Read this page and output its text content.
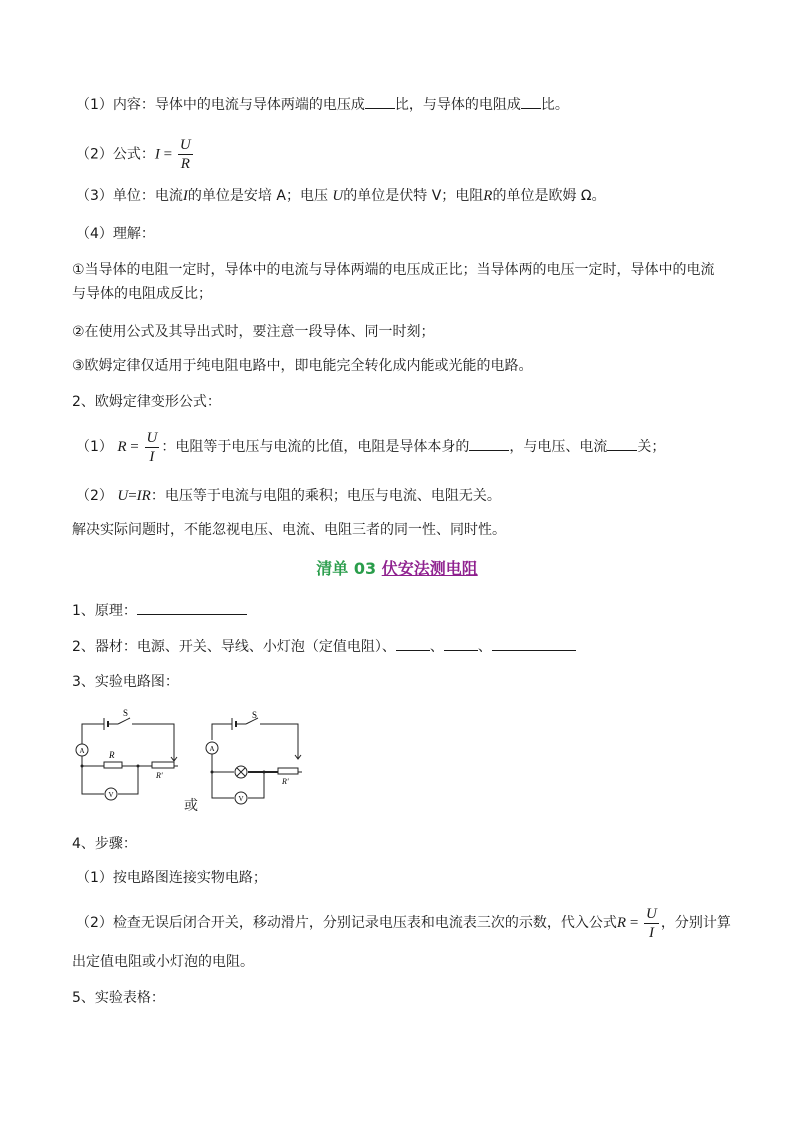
（1）内容：导体中的电流与导体两端的电压成 比，与导体的电阻成 比。
（2）公式：$I = \frac{U}{R}$
（3）单位：电流I的单位是安培 A；电压 U的单位是伏特 V；电阻R的单位是欧姆 Ω。
（4）理解：
①当导体的电阻一定时，导体中的电流与导体两端的电压成正比；当导体两的电压一定时，导体中的电流
与导体的电阻成反比；
②在使用公式及其导出式时，要注意一段导体、同一时刻；
③欧姆定律仅适用于纯电阻电路中，即电能完全转化成内能或光能的电路。
2、欧姆定律变形公式：
（1） $R = \frac{U}{I}$ ：电阻等于电压与电流的比值，电阻是导体本身的	，与电压、电流 关；
（2） U=IR：电压等于电流与电阻的乘积；电压与电流、电阻无关。
解决实际问题时，不能忽视电压、电流、电阻三者的同一性、同时性。
清单 03 伏安法测电阻
1、原理：
2、器材：电源、开关、导线、小灯泡（定值电阻）、 、 、
3、实验电路图：
A
V
S
R
R'
或
A
V
S
R'
4、步骤：
（1）按电路图连接实物电路；
（2）检查无误后闭合开关，移动滑片，分别记录电压表和电流表三次的示数，代入公式$R = \frac{U}{I}$ ，分别计算
出定值电阻或小灯泡的电阻。
5、实验表格：
